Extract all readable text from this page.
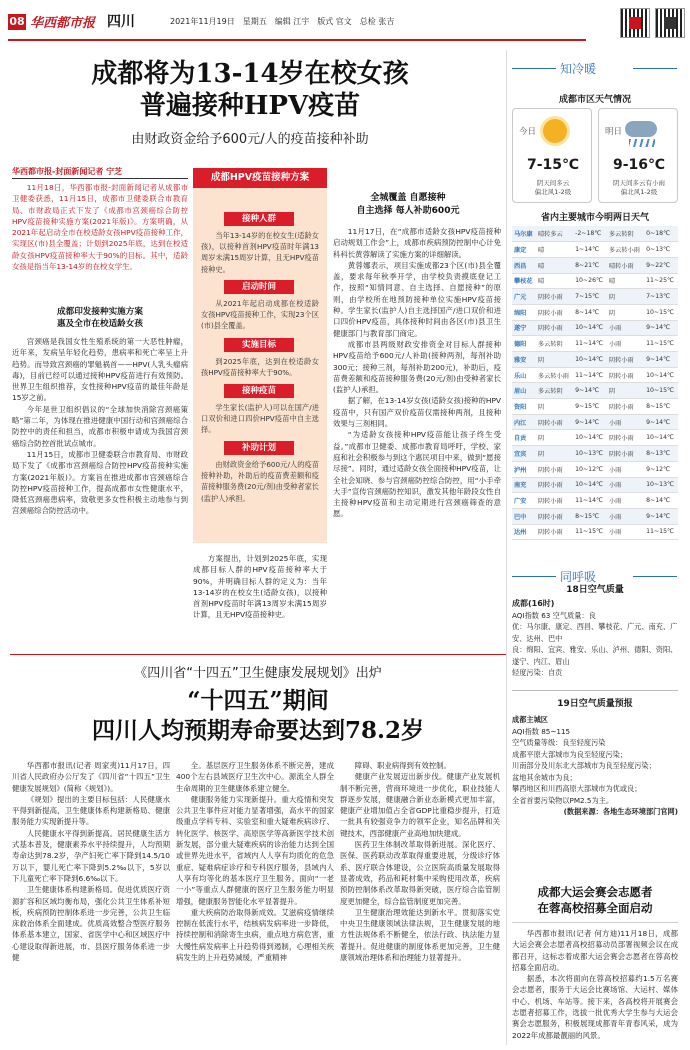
08 华西都市报 四川	2021年11月19日　星期五　编辑 江宇　版式 官文　总检 张吉
成都将为13-14岁在校女孩
普遍接种HPV疫苗
由财政资金给予600元/人的疫苗接种补助
华西都市报-封面新闻记者 宁芝
11月18日，华西都市报-封面新闻记者从成都市卫健委获悉，11月15日，成都市卫健委联合市教育局、市财政局正式下发了《成都市宫颈癌综合防控HPV疫苗接种实施方案(2021年版)》。方案明确，从2021年起启动全市在校适龄女孩HPV疫苗接种工作，实现区(市)县全覆盖；计划到2025年底，达到在校适龄女孩HPV疫苗接种率大于90%的目标。其中，适龄女孩是指当年13-14岁的在校女学生。
成都印发接种实施方案
惠及全市在校适龄女孩
宫颈癌是我国女性生殖系统的第一大恶性肿瘤，近年来，发病呈年轻化趋势，患病率和死亡率呈上升趋势。而导致宫颈癌的罪魁祸首——HPV(人乳头瘤病毒)，目前已经可以通过接种HPV疫苗进行有效预防。世界卫生组织推荐，女性接种HPV疫苗的最佳年龄是15岁之前。
今年是世卫组织倡议的“全球加快消除宫颈癌策略”第二年，为体现在推进健康中国行动和宫颈癌综合防控中的责任和担当，成都市积极申请成为我国宫颈癌综合防控首批试点城市。
11月15日，成都市卫健委联合市教育局、市财政局下发了《成都市宫颈癌综合防控HPV疫苗接种实施方案(2021年版)》。方案旨在推进成都市宫颈癌综合防控HPV疫苗接种工作，提高成都市女性健康水平，降低宫颈癌患病率，致敬更多女性积极主动地参与到宫颈癌综合防控活动中。
接种人群
当年13-14岁的在校女生(适龄女孩)，以接种首剂HPV疫苗时年满13周岁未满15周岁计算，且无HPV疫苗接种史。
启动时间
从2021年起启动成都在校适龄女孩HPV疫苗接种工作，实现23个区(市)县全覆盖。
实施目标
到2025年底，达到在校适龄女孩HPV疫苗接种率大于90%。
接种疫苗
学生家长(监护人)可以在国产/进口双价和进口四价HPV疫苗中自主选择。
补助计划
由财政资金给予600元/人的疫苗接种补助，补助后的疫苗费差额和疫苗接种服务费(20元/剂)由受种者家长(监护人)承担。
成都HPV疫苗接种方案
方案提出，计划到2025年底，实现成都目标人群的HPV疫苗接种率大于90%，并明确目标人群的定义为：当年13-14岁的在校女生(适龄女孩)，以接种首剂HPV疫苗时年满13周岁未满15周岁计算，且无HPV疫苗接种史。
全城覆盖 自愿接种
自主选择 每人补助600元
11月17日，在“成都市适龄女孩HPV疫苗接种启动规划工作会”上，成都市疾病预防控制中心计免科科长黄蓉解读了实施方案的详细解读。
黄蓉娜表示，项目实施成都23个区(市)县全覆盖，要求每年秋季开学，由学校负责摸底登记工作，按照“知情同意、自主选择、自愿接种”的原则，由学校所在地预防接种单位实施HPV疫苗接种。学生家长(监护人)自主选择国产/进口双价和进口四价HPV疫苗，具体接种时间由各区(市)县卫生健康部门与教育部门商定。
成都市县两级财政安排资金对目标人群接种HPV疫苗给予600元/人补助(接种两剂，每剂补助300元；接种三剂，每剂补助200元)，补助后，疫苗费差额和疫苗接种服务费(20元/剂)由受种者家长(监护人)承担。
据了解，在13-14岁女孩(适龄女孩)接种的HPV疫苗中，只有国产双价疫苗仅需接种两剂，且接种效果与三剂相同。
“为适龄女孩接种HPV疫苗能让孩子终生受益。”成都市卫健委、成都市教育局呼吁，学校、家庭和社会积极参与到这个惠民项目中来，做到“愿接尽接”。同时，通过适龄女孩全面接种HPV疫苗，让全社会知晓、参与宫颈癌防控综合防控，用“小手牵大手”宣传宫颈癌防控知识，激发其他年龄段女性自主接种HPV疫苗和主动定期进行宫颈癌筛查的意愿。
知冷暖
成都市区天气情况
今日
7-15℃
阴天间多云
偏北风1-2级
明日
9-16℃
阴天间多云有小雨
偏北风1-2级
省内主要城市今明两日天气
马尔康	晴转多云	-2~18℃	多云转阴	0~18℃
康定	晴	1~14℃	多云转小雨	0~13℃
西昌	晴	8~21℃	晴转小雨	9~22℃
攀枝花	晴	10~26℃	晴	11~25℃
广元	阴转小雨	7~15℃	阴	7~13℃
绵阳	阴转小雨	8~14℃	阴	10~15℃
遂宁	阴转小雨	10~14℃	小雨	9~14℃
德阳	多云转阴	11~14℃	小雨	11~15℃
雅安	阴	10~14℃	阴转小雨	9~14℃
乐山	多云转小雨	11~14℃	阴转小雨	10~14℃
眉山	多云转阴	9~14℃	阴	10~15℃
资阳	阴	9~15℃	阴转小雨	8~15℃
内江	阴转小雨	9~14℃	小雨	9~14℃
自贡	阴	10~14℃	阴转小雨	10~14℃
宜宾	阴	10~13℃	阴转小雨	8~13℃
泸州	阴转小雨	10~12℃	小雨	9~12℃
南充	阴转小雨	10~14℃	小雨	10~13℃
广安	阴转小雨	11~14℃	小雨	8~14℃
巴中	阴转小雨	8~15℃	小雨	9~14℃
达州	阴转小雨	11~15℃	小雨	11~15℃
同呼吸
18日空气质量
成都(16时)
AQI指数 63 空气质量：良
优：马尔康、康定、西昌、攀枝花、广元、南充、广安、达州、巴中
良：绵阳、宜宾、雅安、乐山、泸州、德阳、资阳、遂宁、内江、眉山
轻度污染：自贡
19日空气质量预报
成都主城区
AQI指数 85~115
空气质量等级：良至轻度污染
成都平原大部城市为良至轻度污染；
川南部分及川东北大部城市为良至轻度污染；
盆地其余城市为良；
攀西地区和川西高原大部城市为优或良；
全省首要污染物以PM2.5为主。
(数据来源：各地生态环境部门官网)
《四川省“十四五”卫生健康发展规划》出炉
“十四五”期间
四川人均预期寿命要达到78.2岁
华西都市报讯(记者 周家夷)11月17日，四川省人民政府办公厅发了《四川省“十四五”卫生健康发展规划》(简称《规划》)。
《规划》提出的主要目标包括：人民健康水平得到新提高，卫生健康体系构建新格局、健康服务能力实现新提升等。
人民健康水平得到新提高。居民健康生活方式基本普及，健康素养水平持续提升，人均预期寿命达到78.2岁，孕产妇死亡率下降到14.5/10万以下，婴儿死亡率下降到5.2‰以下，5岁以下儿童死亡率下降到6.6‰以下。
卫生健康体系构建新格局。促进优质医疗资源扩容和区域均衡布局，强化公共卫生体系补短板，疾病预防控制体系进一步完善，公共卫生临床救治体系全面建成。优质高效整合型医疗服务体系基本建立，国家、省医学中心和区域医疗中心建设取得新进展，市、县医疗服务体系进一步健
全。基层医疗卫生服务体系不断完善，建成400个左右县域医疗卫生次中心。源流全人群全生命周期的卫生健康体系建立健全。
健康服务能力实现新提升。重大疫情和突发公共卫生事件应对能力显著增强，高水平的国家级重点学科专科、实验室和重大疑难疾病诊疗、转化医学、核医学、高原医学等高新医学技术创新发展，部分重大疑难疾病的诊治能力达到全国或世界先进水平，省域内人人享有均质化的危急重症、疑难病症诊疗和专科医疗服务，县域内人人享有均等化的基本医疗卫生服务。面向“一老一小”等重点人群健康的医疗卫生服务能力明显增强，健康服务智能化水平显著提升。
重大疾病防治取得新成效。艾滋病疫情继续控制在低流行水平，结核病发病率进一步降低，持续控制和消除寄生虫病，重点地方病危害，重大慢性病发病率上升趋势得到遏制，心理相关疾病发生的上升趋势减缓，严重精神
障碍、职业病得到有效控制。
健康产业发展迈出新步伐。健康产业发展机制不断完善，营商环境进一步优化，职业技能人群逐步发展，健康融合新业态新模式更加丰富，健康产业增加值占全省GDP比重稳步提升，打造一批具有较强竞争力的领军企业，知名品牌和关键技术，西部健康产业高地加快建成。
医药卫生体制改革取得新进展。深化医疗、医保、医药联动改革取得重要进展，分级诊疗体系、医疗联合体建设，公立医院高质量发展取得显著成效，药品和耗材集中采购使用改革，疾病预防控制体系改革取得新突破，医疗综合监管制度更加健全，综合监管制度更加完善。
卫生健康治理效能达到新水平。贯彻落实党中央卫生健康领域法律法规，卫生健康发展的地方性法规体系不断健全，依法行政、执法能力显著提升。促进健康的制度体系更加完善，卫生健康领域治理体系和治理能力显著提升。
成都大运会赛会志愿者
在蓉高校招募全面启动
华西都市报讯(记者 何方迪)11月18日，成都大运会赛会志愿者高校招募动员部署视频会议在成都召开，这标志着成都大运会赛会志愿者在蓉高校招募全面启动。
据悉，本次将面向在蓉高校招募约1.5万名赛会志愿者，服务于大运会比赛场馆、大运村、媒体中心、机场、车站等。接下来，各高校将开展赛会志愿者招募工作，选拔一批优秀大学生参与大运会赛会志愿服务，积极展现成都青年青春风采，成为2022年成都最靓丽的风景。
